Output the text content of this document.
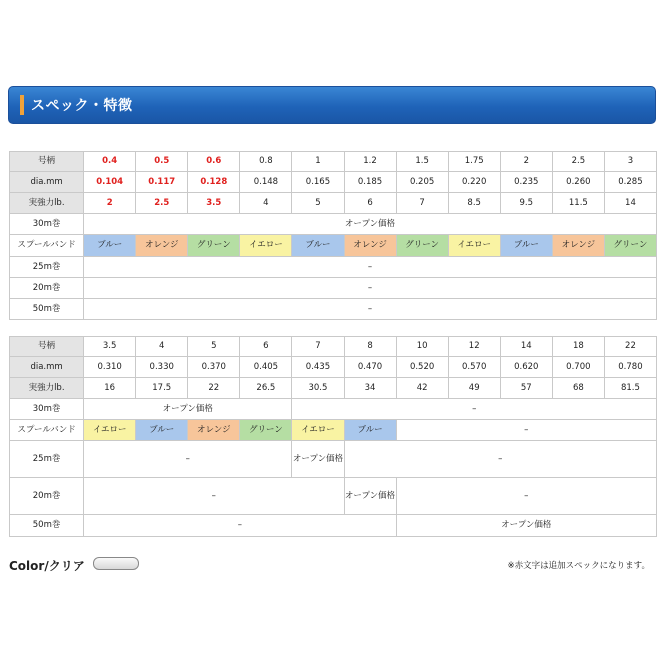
スペック・特徴
号柄	0.4	0.5	0.6	0.8	1	1.2	1.5	1.75	2	2.5	3
dia.mm	0.104	0.117	0.128	0.148	0.165	0.185	0.205	0.220	0.235	0.260	0.285
実強力lb.	2	2.5	3.5	4	5	6	7	8.5	9.5	11.5	14
30m巻	オープン価格										
スプールバンド	ブルー	オレンジ	グリーン	イエロー	ブルー	オレンジ	グリーン	イエロー	ブルー	オレンジ	グリーン
25m巻	–										
20m巻	–										
50m巻	–										
号柄	3.5	4	5	6	7	8	10	12	14	18	22
dia.mm	0.310	0.330	0.370	0.405	0.435	0.470	0.520	0.570	0.620	0.700	0.780
実強力lb.	16	17.5	22	26.5	30.5	34	42	49	57	68	81.5
30m巻	オープン価格				–						
スプールバンド	イエロー	ブルー	オレンジ	グリーン	イエロー	ブルー	–				
25m巻	–				オープン価格	–					
20m巻	–					オープン価格	–				
50m巻	–						オープン価格				
Color/クリア	※赤文字は追加スペックになります。
